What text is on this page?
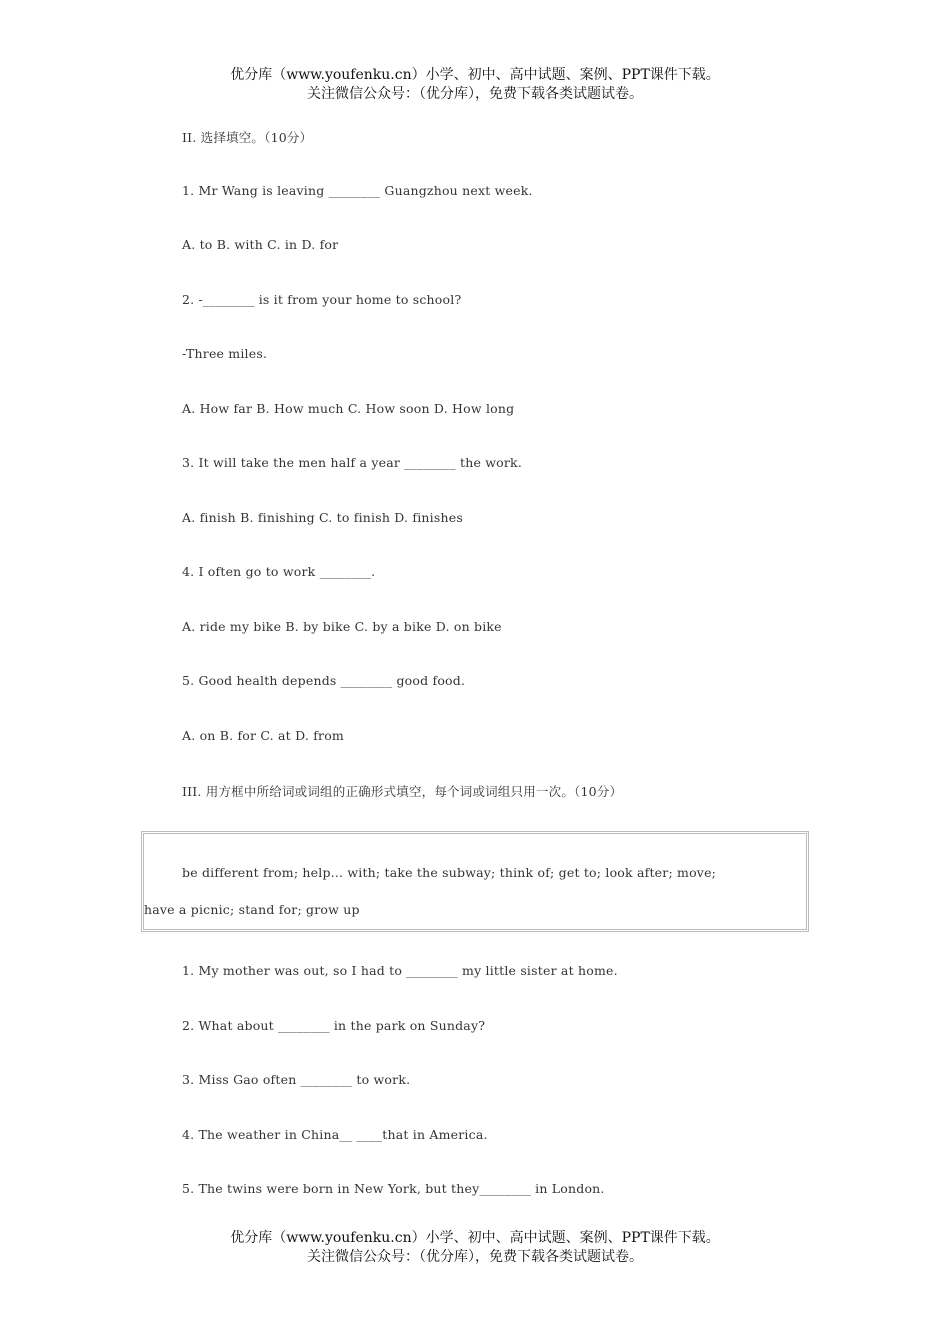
优分库（www.youfenku.cn）小学、初中、高中试题、案例、PPT课件下载。
关注微信公众号：（优分库），免费下载各类试题试卷。
II. 选择填空。（10分）
1. Mr Wang is leaving ________ Guangzhou next week.
A. to B. with C. in D. for
2. -________ is it from your home to school?
-Three miles.
A. How far B. How much C. How soon D. How long
3. It will take the men half a year ________ the work.
A. finish B. finishing C. to finish D. finishes
4. I often go to work ________.
A. ride my bike B. by bike C. by a bike D. on bike
5. Good health depends ________ good food.
A. on B. for C. at D. from
III. 用方框中所给词或词组的正确形式填空，每个词或词组只用一次。（10分）
be different from; help... with; take the subway; think of; get to; look after; move;
have a picnic; stand for; grow up
1. My mother was out, so I had to ________ my little sister at home.
2. What about ________ in the park on Sunday?
3. Miss Gao often ________ to work.
4. The weather in China__ ____that in America.
5. The twins were born in New York, but they________ in London.
优分库（www.youfenku.cn）小学、初中、高中试题、案例、PPT课件下载。
关注微信公众号：（优分库），免费下载各类试题试卷。
